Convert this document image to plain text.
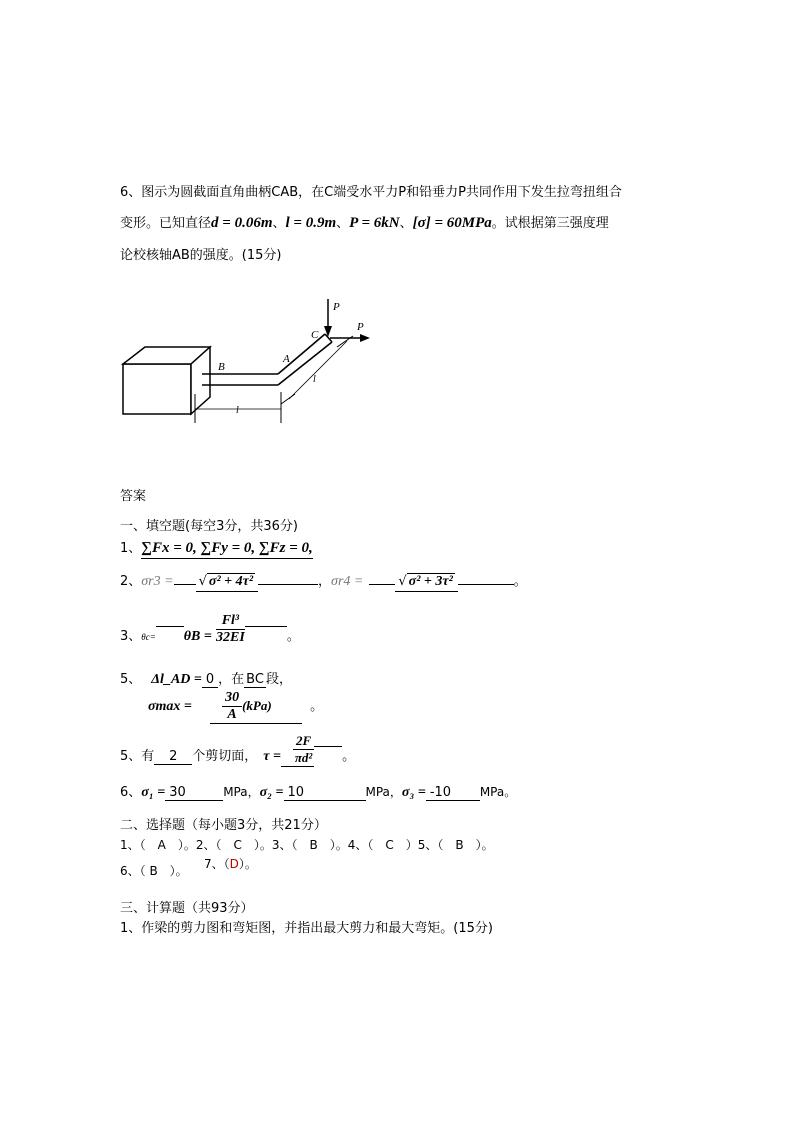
6、图示为圆截面直角曲柄CAB，在C端受水平力P和铅垂力P共同作用下发生拉弯扭组合
变形。已知直径d = 0.06m、l = 0.9m、P = 6kN、[σ] = 60MPa。试根据第三强度理
论校核轴AB的强度。(15分)
P
P
C
A
B
l
l
答案
一、填空题(每空3分，共36分)
1、∑Fx = 0, ∑Fy = 0, ∑Fz = 0,
2、σr3 = √ σ² + 4τ²	，σr4 =	√ σ² + 3τ²	。
3、$_{\theta c=}$ $\theta B = \frac{\text{Fl³}}{32EI}$	。
5、 Δl_AD = 0 ，在 BC 段，
$\sigma\max = \frac{30}{A} (kPa)$	。
5、有 2 个剪切面， $\tau = \frac{2F}{\text{πd²}}$ 。
6、σ₁ = 30	MPa，σ₂ = 10	MPa，σ₃ = -10 MPa。
二、选择题（每小题3分，共21分）
1、（　A　）。2、（　C　）。3、（　B　）。4、（　C　）5、（　B　）。
6、（ B　）。 7、（D）。
三、计算题（共93分）
1、作梁的剪力图和弯矩图，并指出最大剪力和最大弯矩。(15分)
